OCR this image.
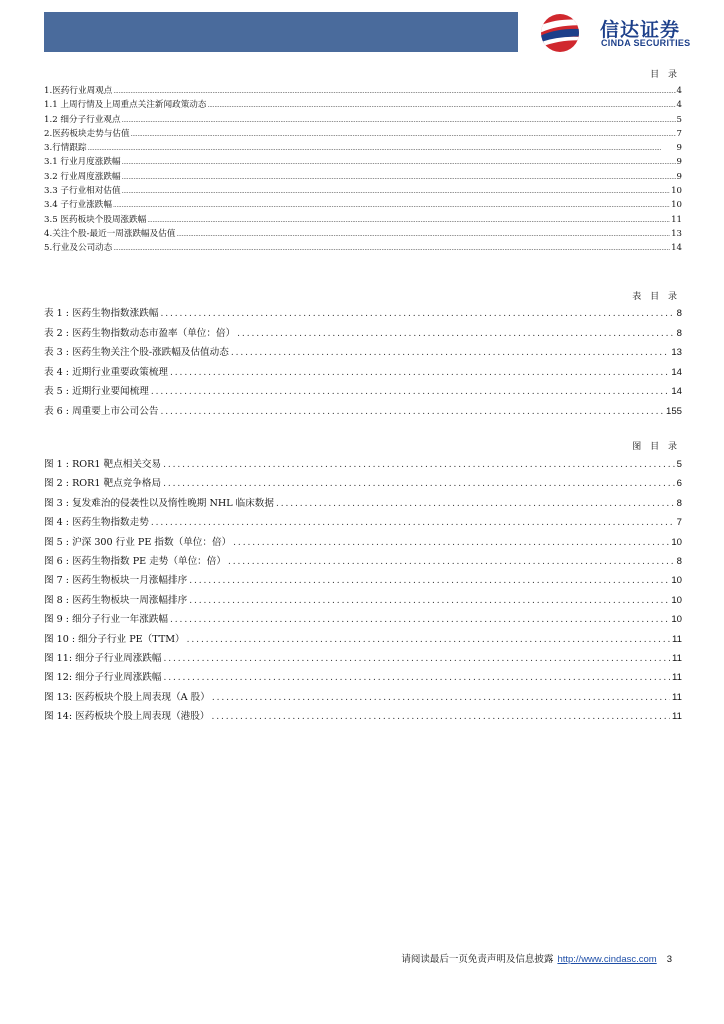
信达证券
CINDA SECURITIES
目 录
1.医药行业周观点 .....	4
1.1 上周行情及上周重点关注新闻政策动态 .....	4
1.2 细分子行业观点 .....	5
2.医药板块走势与估值 .....	7
3.行情跟踪 .....	9
3.1 行业月度涨跌幅 .....	9
3.2 行业周度涨跌幅 .....	9
3.3 子行业相对估值 .....	10
3.4 子行业涨跌幅 .....	10
3.5 医药板块个股周涨跌幅 .....	11
4.关注个股-最近一周涨跌幅及估值 .....	13
5.行业及公司动态 .....	14
表 目 录
表 1 : 医药生物指数涨跌幅 .....	8
表 2 : 医药生物指数动态市盈率（单位：倍） .....	8
表 3 : 医药生物关注个股-涨跌幅及估值动态 .....	13
表 4 : 近期行业重要政策梳理 .....	14
表 5 : 近期行业要闻梳理 .....	14
表 6 : 周重要上市公司公告 .....	155
图 目 录
图 1 : ROR1 靶点相关交易 .....	5
图 2 : ROR1 靶点竞争格局 .....	6
图 3 : 复发难治的侵袭性以及惰性晚期 NHL 临床数据 .....	8
图 4 : 医药生物指数走势 .....	7
图 5 : 沪深 300 行业 PE 指数（单位：倍） .....	10
图 6 : 医药生物指数 PE 走势（单位：倍） .....	8
图 7 : 医药生物板块一月涨幅排序 .....	10
图 8 : 医药生物板块一周涨幅排序 .....	10
图 9 : 细分子行业一年涨跌幅 .....	10
图 10 : 细分子行业 PE（TTM） .....	11
图 11: 细分子行业周涨跌幅 .....	11
图 12: 细分子行业周涨跌幅 .....	11
图 13: 医药板块个股上周表现（A 股） .....	11
图 14: 医药板块个股上周表现（港股） .....	11
请阅读最后一页免责声明及信息披露 http://www.cindasc.com 3
